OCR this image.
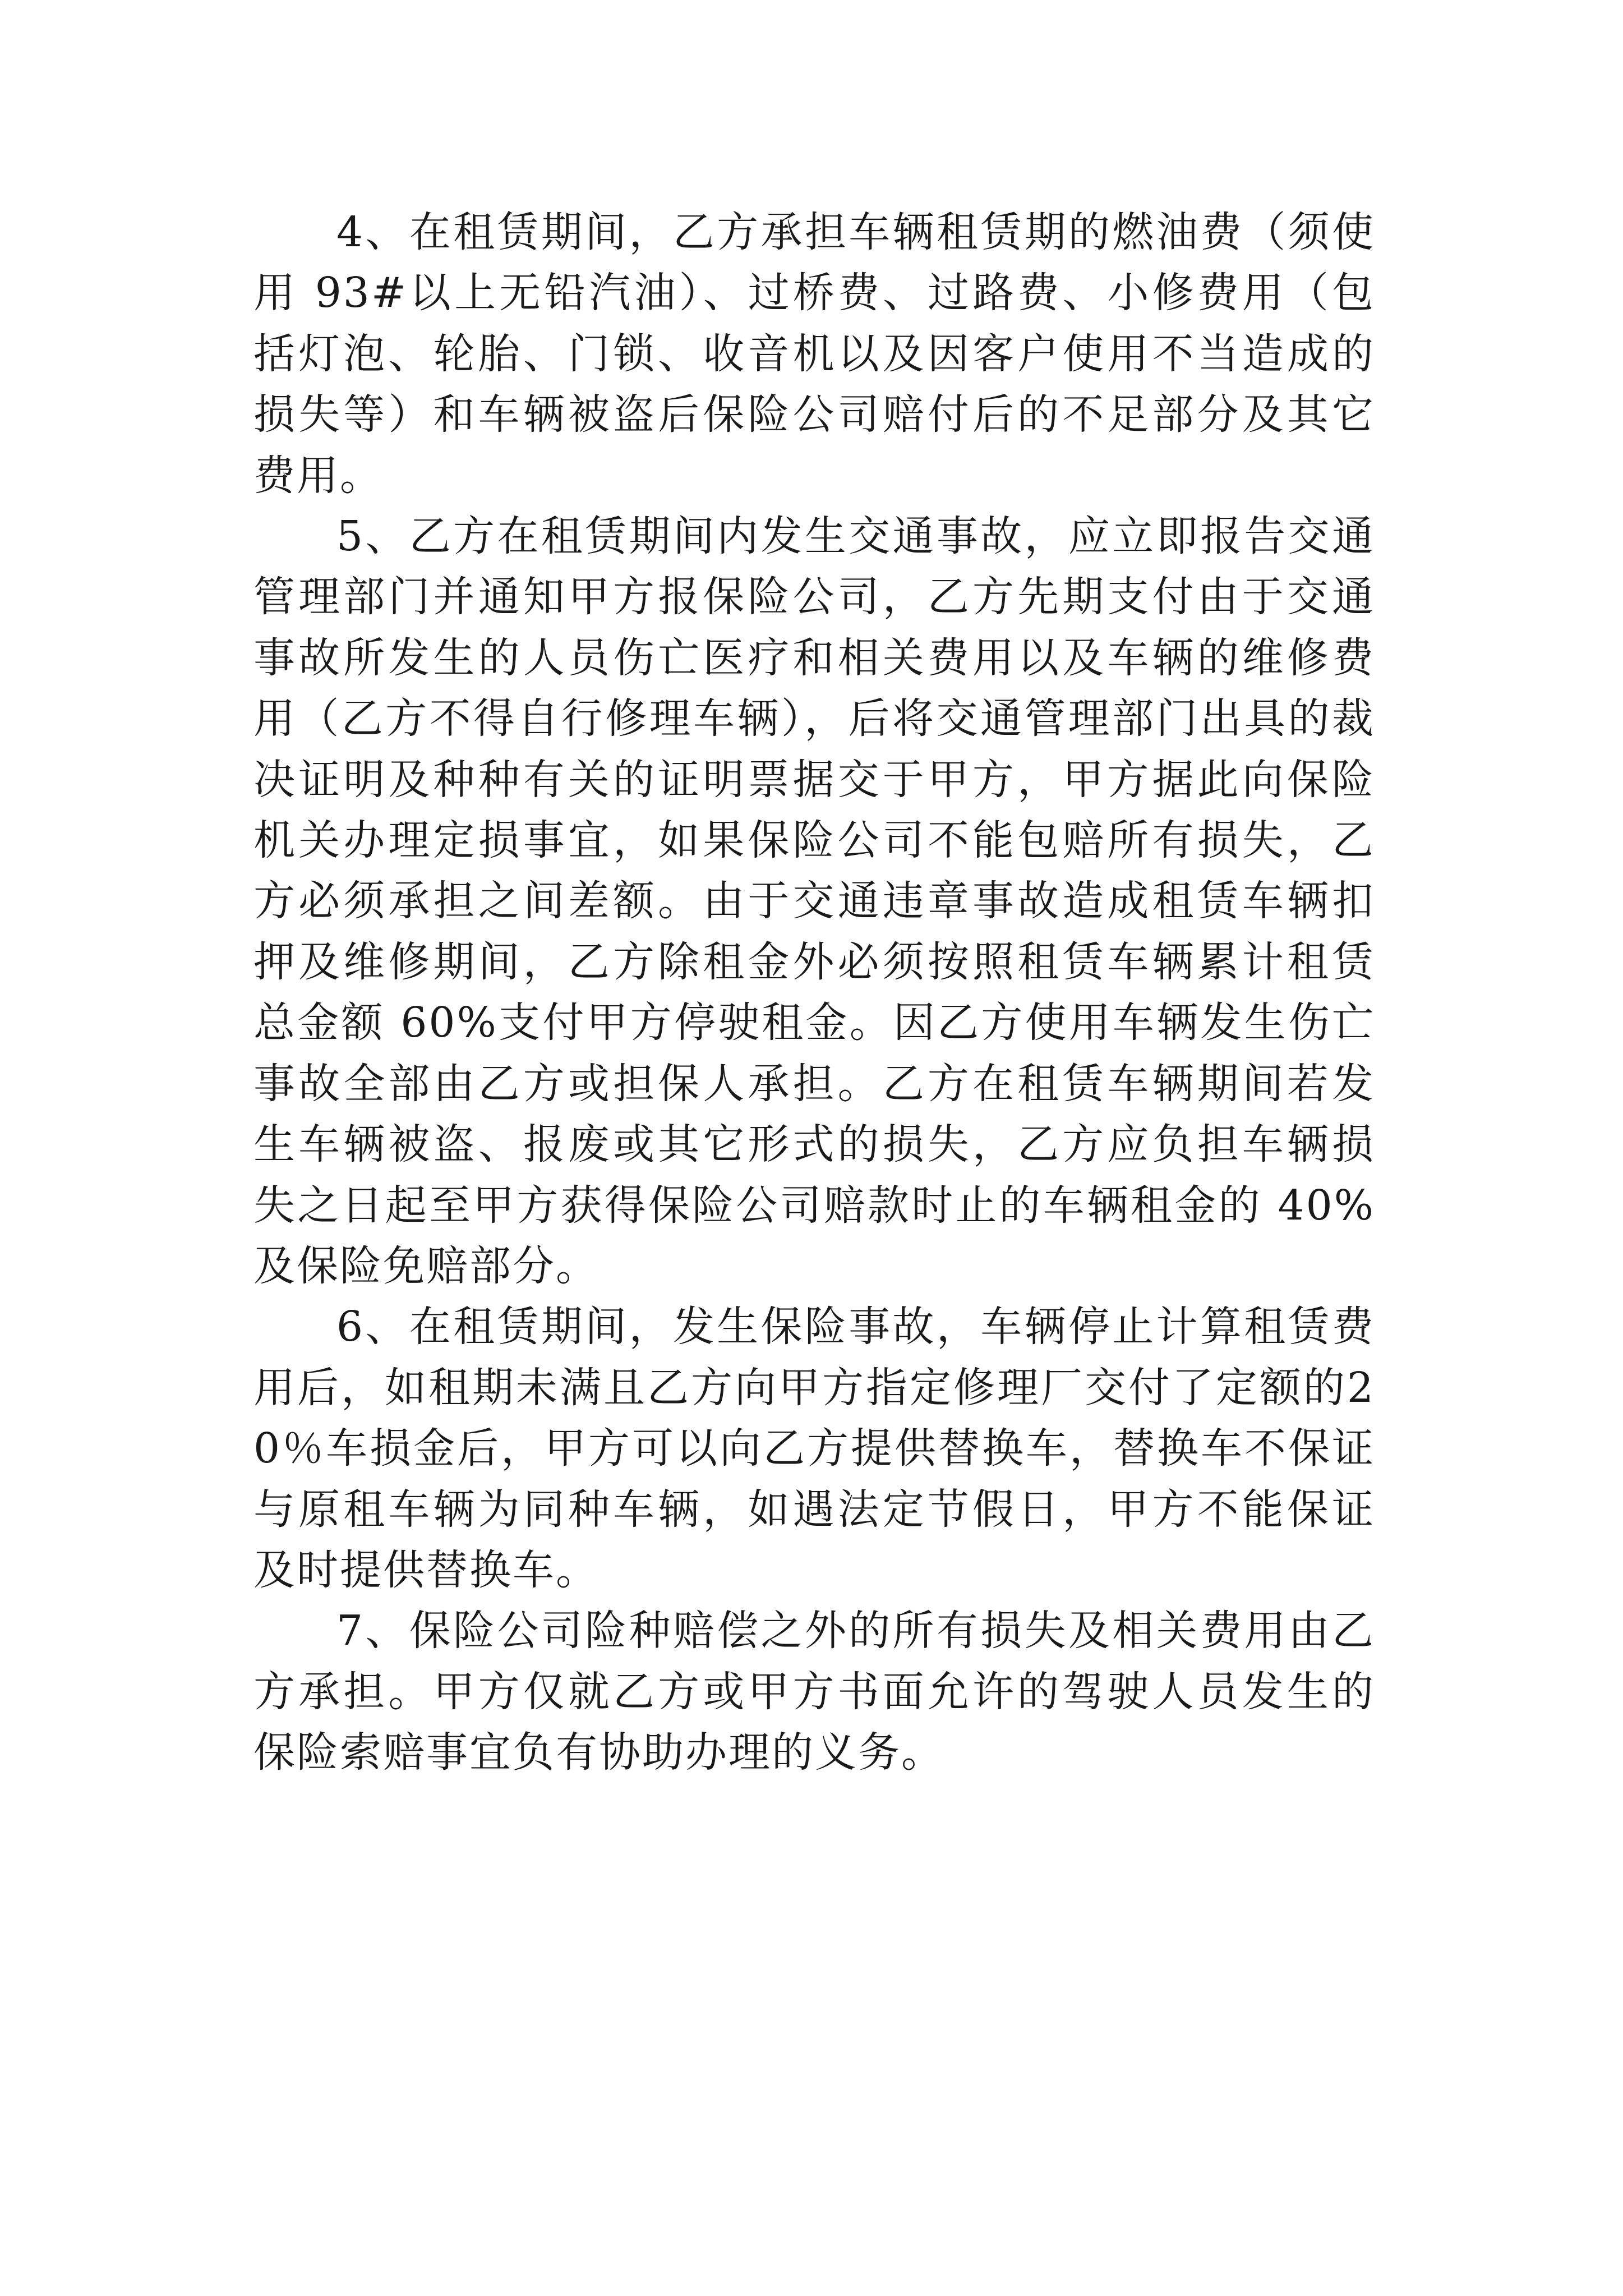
4、在租赁期间，乙方承担车辆租赁期的燃油费（须使用 93#以上无铅汽油）、过桥费、过路费、小修费用（包括灯泡、轮胎、门锁、收音机以及因客户使用不当造成的损失等）和车辆被盗后保险公司赔付后的不足部分及其它费用。

5、乙方在租赁期间内发生交通事故，应立即报告交通管理部门并通知甲方报保险公司，乙方先期支付由于交通事故所发生的人员伤亡医疗和相关费用以及车辆的维修费用（乙方不得自行修理车辆），后将交通管理部门出具的裁决证明及种种有关的证明票据交于甲方，甲方据此向保险机关办理定损事宜，如果保险公司不能包赔所有损失，乙方必须承担之间差额。由于交通违章事故造成租赁车辆扣押及维修期间，乙方除租金外必须按照租赁车辆累计租赁总金额 60%支付甲方停驶租金。因乙方使用车辆发生伤亡事故全部由乙方或担保人承担。乙方在租赁车辆期间若发生车辆被盗、报废或其它形式的损失，乙方应负担车辆损失之日起至甲方获得保险公司赔款时止的车辆租金的 40%及保险免赔部分。

6、在租赁期间，发生保险事故，车辆停止计算租赁费用后，如租期未满且乙方向甲方指定修理厂交付了定额的20％车损金后，甲方可以向乙方提供替换车，替换车不保证与原租车辆为同种车辆，如遇法定节假日，甲方不能保证及时提供替换车。

7、保险公司险种赔偿之外的所有损失及相关费用由乙方承担。甲方仅就乙方或甲方书面允许的驾驶人员发生的保险索赔事宜负有协助办理的义务。
